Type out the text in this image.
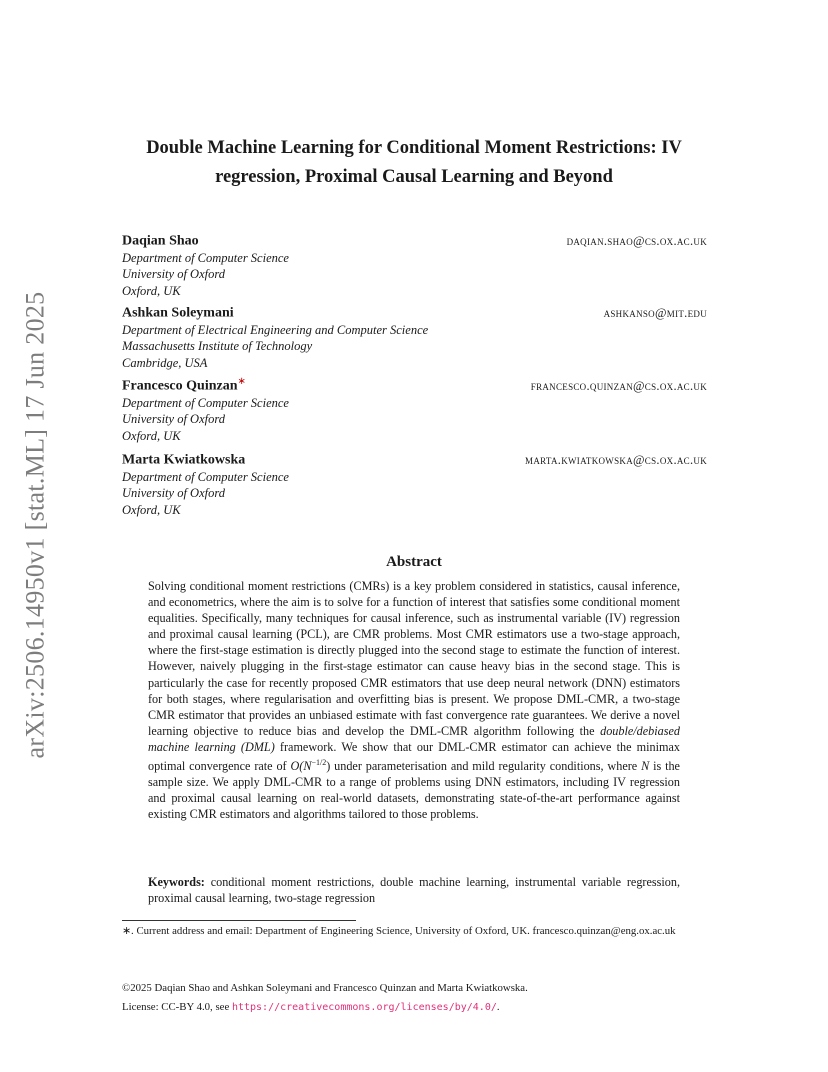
arXiv:2506.14950v1 [stat.ML] 17 Jun 2025
Double Machine Learning for Conditional Moment Restrictions: IV regression, Proximal Causal Learning and Beyond
Daqian Shao	daqian.shao@cs.ox.ac.uk
Department of Computer Science
University of Oxford
Oxford, UK
Ashkan Soleymani	ashkanso@mit.edu
Department of Electrical Engineering and Computer Science
Massachusetts Institute of Technology
Cambridge, USA
Francesco Quinzan∗	francesco.quinzan@cs.ox.ac.uk
Department of Computer Science
University of Oxford
Oxford, UK
Marta Kwiatkowska	marta.kwiatkowska@cs.ox.ac.uk
Department of Computer Science
University of Oxford
Oxford, UK
Abstract
Solving conditional moment restrictions (CMRs) is a key problem considered in statistics, causal inference, and econometrics, where the aim is to solve for a function of interest that satisfies some conditional moment equalities. Specifically, many techniques for causal inference, such as instrumental variable (IV) regression and proximal causal learning (PCL), are CMR problems. Most CMR estimators use a two-stage approach, where the first-stage estimation is directly plugged into the second stage to estimate the function of interest. However, naively plugging in the first-stage estimator can cause heavy bias in the second stage. This is particularly the case for recently proposed CMR estimators that use deep neural network (DNN) estimators for both stages, where regularisation and overfitting bias is present. We propose DML-CMR, a two-stage CMR estimator that provides an unbiased estimate with fast convergence rate guarantees. We derive a novel learning objective to reduce bias and develop the DML-CMR algorithm following the double/debiased machine learning (DML) framework. We show that our DML-CMR estimator can achieve the minimax optimal convergence rate of $O(N^{-1/2})$ under parameterisation and mild regularity conditions, where N is the sample size. We apply DML-CMR to a range of problems using DNN estimators, including IV regression and proximal causal learning on real-world datasets, demonstrating state-of-the-art performance against existing CMR estimators and algorithms tailored to those problems.
Keywords: conditional moment restrictions, double machine learning, instrumental variable regression, proximal causal learning, two-stage regression
∗. Current address and email: Department of Engineering Science, University of Oxford, UK. francesco.quinzan@eng.ox.ac.uk
©2025 Daqian Shao and Ashkan Soleymani and Francesco Quinzan and Marta Kwiatkowska.
License: CC-BY 4.0, see https://creativecommons.org/licenses/by/4.0/.
